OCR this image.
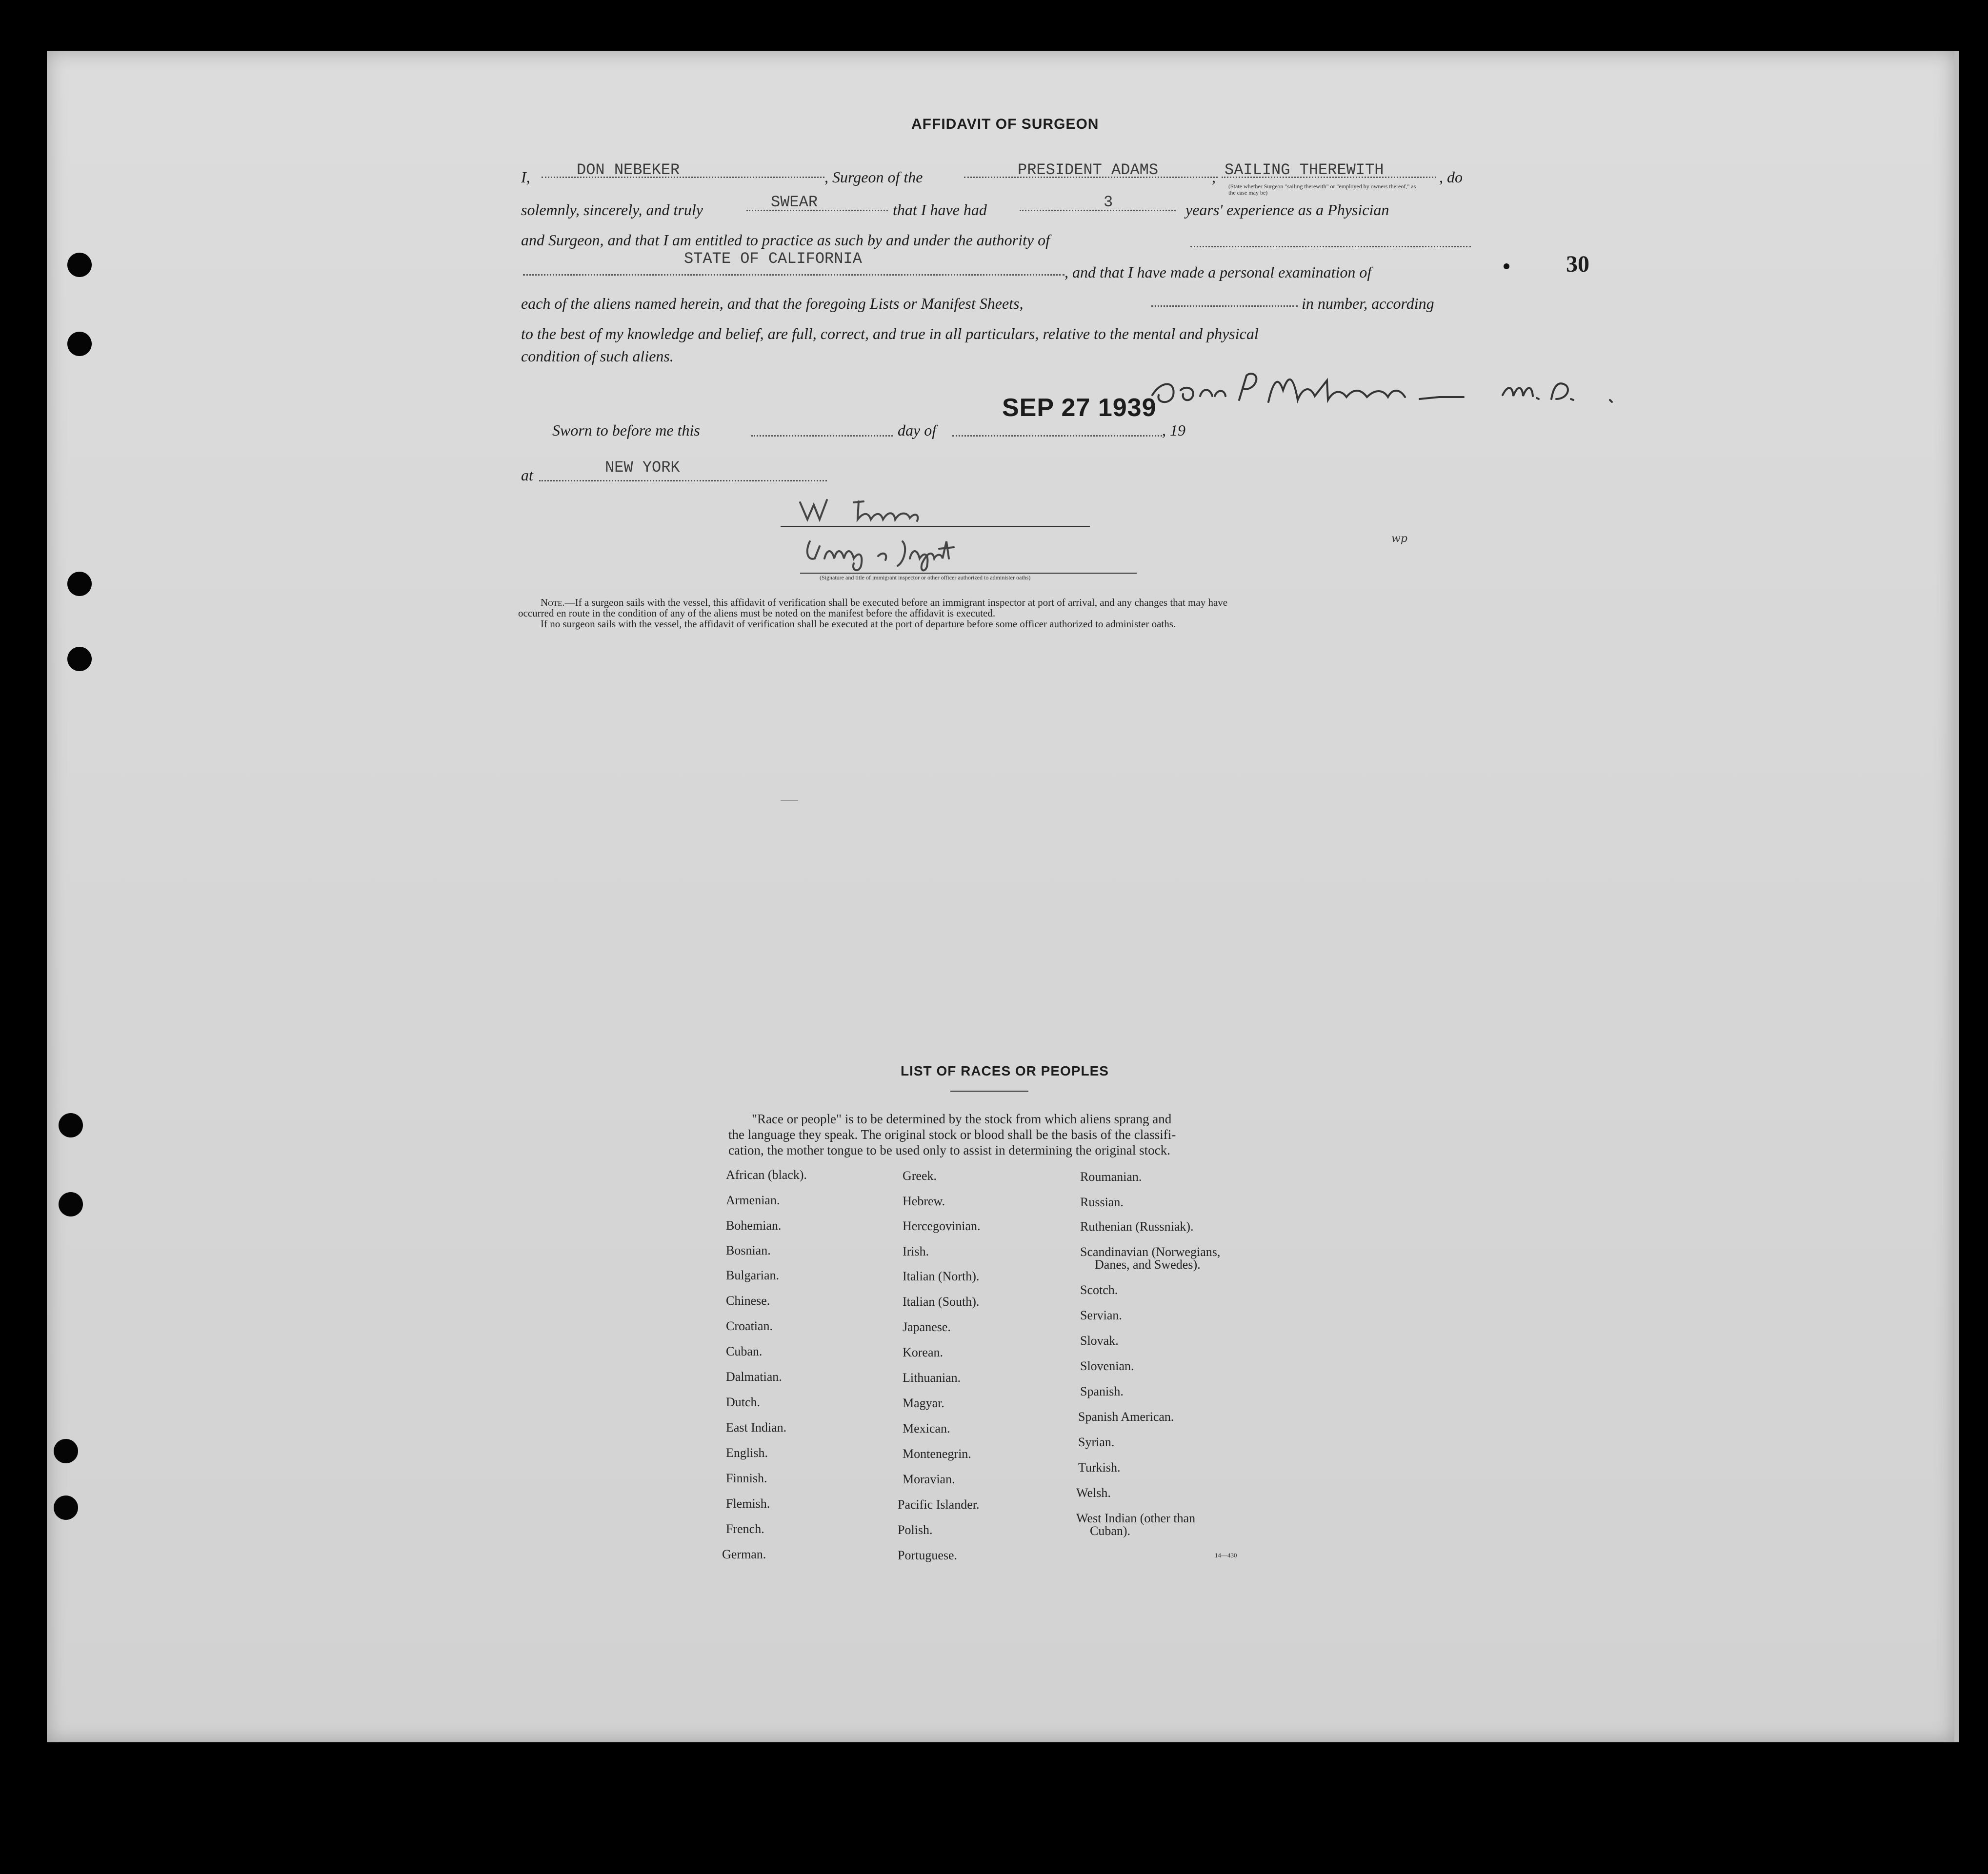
AFFIDAVIT OF SURGEON
I,	DON NEBEKER	, Surgeon of the	PRESIDENT ADAMS	, SAILING THEREWITH	, do
(State whether Surgeon "sailing therewith" or "employed by owners thereof," as the case may be)
solemnly, sincerely, and truly	SWEAR	that I have had	3	years' experience as a Physician
and Surgeon, and that I am entitled to practice as such by and under the authority of
STATE OF CALIFORNIA
, and that I have made a personal examination of	30
each of the aliens named herein, and that the foregoing Lists or Manifest Sheets,	in number, according
to the best of my knowledge and belief, are full, correct, and true in all particulars, relative to the mental and physical
condition of such aliens.
SEP 27 1939
Sworn to before me this	day of	, 19
at	NEW YORK
(Signature and title of immigrant inspector or other officer authorized to administer oaths)
wp
Note.—If a surgeon sails with the vessel, this affidavit of verification shall be executed before an immigrant inspector at port of arrival, and any changes that may have
occurred en route in the condition of any of the aliens must be noted on the manifest before the affidavit is executed.
If no surgeon sails with the vessel, the affidavit of verification shall be executed at the port of departure before some officer authorized to administer oaths.
LIST OF RACES OR PEOPLES
"Race or people" is to be determined by the stock from which aliens sprang and
the language they speak. The original stock or blood shall be the basis of the classifi-
cation, the mother tongue to be used only to assist in determining the original stock.
African (black).
Armenian.
Bohemian.
Bosnian.
Bulgarian.
Chinese.
Croatian.
Cuban.
Dalmatian.
Dutch.
East Indian.
English.
Finnish.
Flemish.
French.
German.
Greek.
Hebrew.
Hercegovinian.
Irish.
Italian (North).
Italian (South).
Japanese.
Korean.
Lithuanian.
Magyar.
Mexican.
Montenegrin.
Moravian.
Pacific Islander.
Polish.
Portuguese.
Roumanian.
Russian.
Ruthenian (Russniak).
Scandinavian (Norwegians,
Danes, and Swedes).
Scotch.
Servian.
Slovak.
Slovenian.
Spanish.
Spanish American.
Syrian.
Turkish.
Welsh.
West Indian (other than
Cuban).
14—430
